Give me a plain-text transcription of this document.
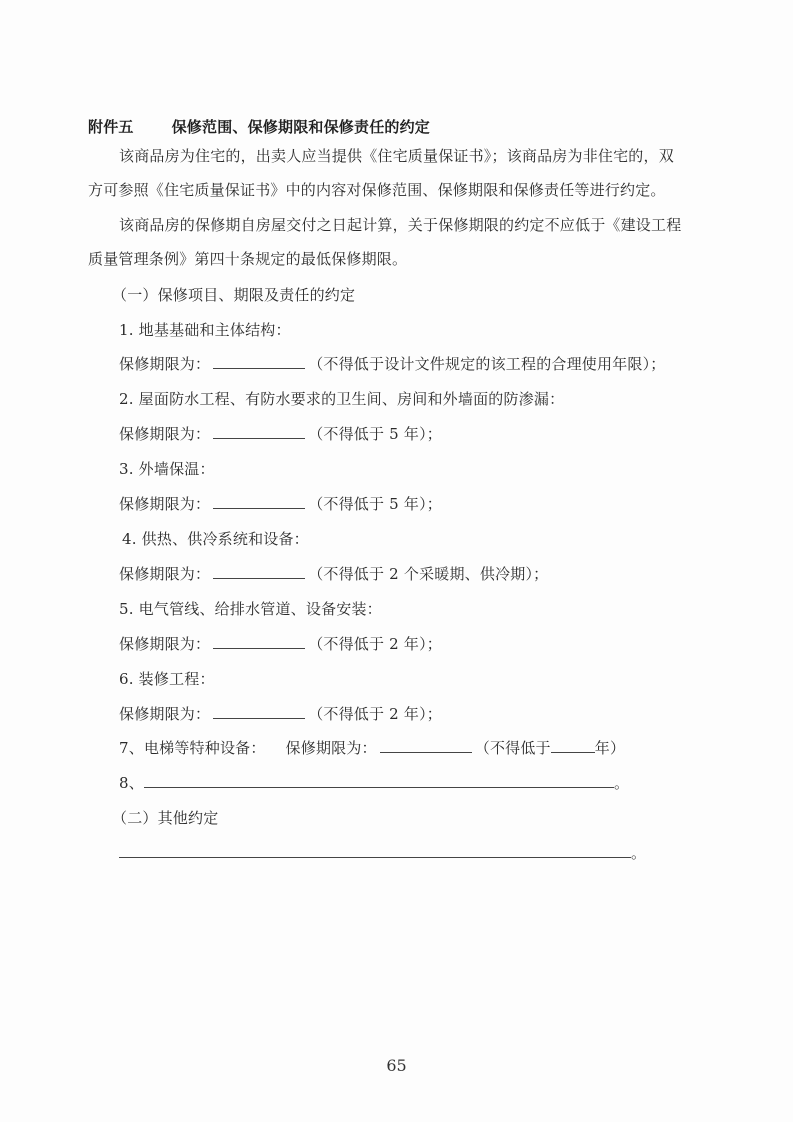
附件五	保修范围、保修期限和保修责任的约定
该商品房为住宅的，出卖人应当提供《住宅质量保证书》；该商品房为非住宅的，双
方可参照《住宅质量保证书》中的内容对保修范围、保修期限和保修责任等进行约定。
该商品房的保修期自房屋交付之日起计算，关于保修期限的约定不应低于《建设工程
质量管理条例》第四十条规定的最低保修期限。
（一）保修项目、期限及责任的约定
1. 地基基础和主体结构：
保修期限为：	（不得低于设计文件规定的该工程的合理使用年限）；
2. 屋面防水工程、有防水要求的卫生间、房间和外墙面的防渗漏：
保修期限为：	（不得低于 5 年）；
3. 外墙保温：
保修期限为：	（不得低于 5 年）；
4. 供热、供冷系统和设备：
保修期限为：	（不得低于 2 个采暖期、供冷期）；
5. 电气管线、给排水管道、设备安装：
保修期限为：	（不得低于 2 年）；
6. 装修工程：
保修期限为：	（不得低于 2 年）；
7、电梯等特种设备： 保修期限为：	（不得低于	年）
8、	。
（二）其他约定
。
65
